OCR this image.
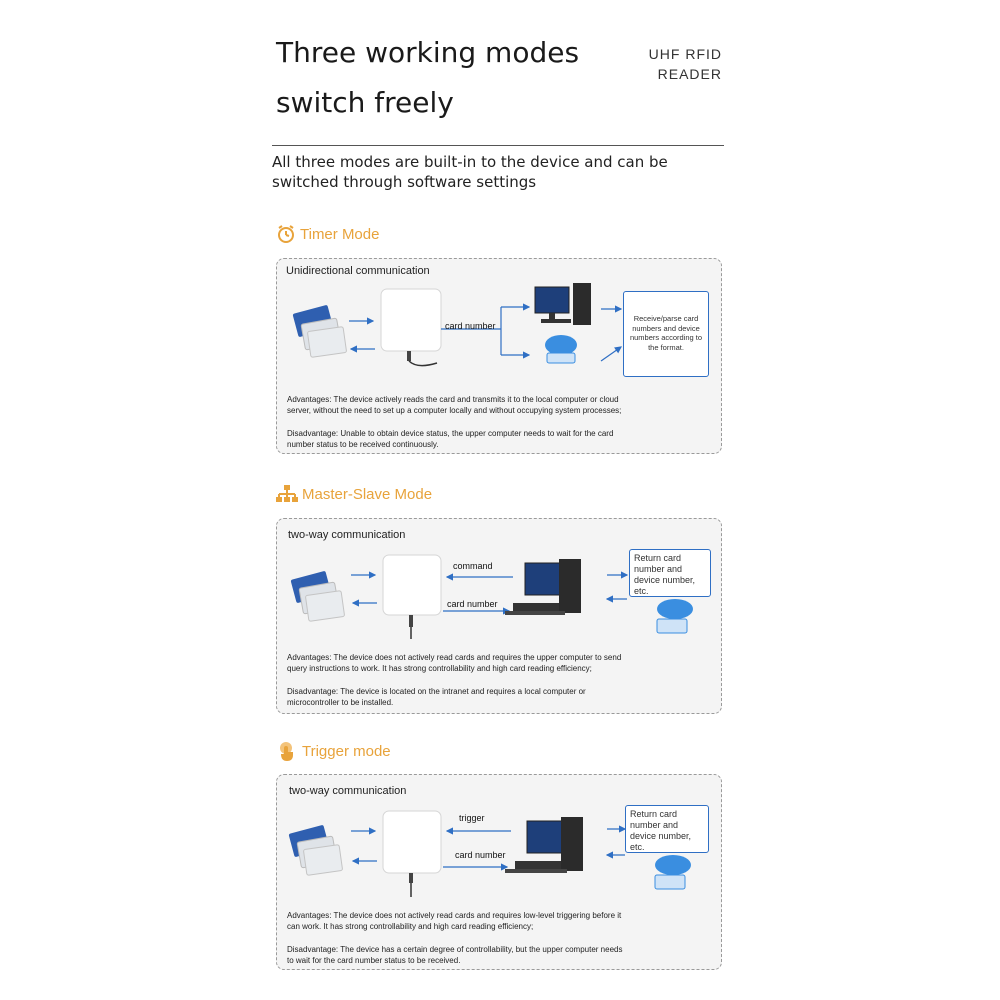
Three working modes
switch freely
UHF RFID
READER
All three modes are built-in to the device and can be
switched through software settings
Timer Mode
Unidirectional communication
card number
Receive/parse card numbers and device numbers according to the format.
Advantages: The device actively reads the card and transmits it to the local computer or cloud
server, without the need to set up a computer locally and without occupying system processes;
Disadvantage: Unable to obtain device status, the upper computer needs to wait for the card
number status to be received continuously.
Master-Slave Mode
two-way communication
command
card number
Return card number and device number, etc.
Advantages: The device does not actively read cards and requires the upper computer to send
query instructions to work. It has strong controllability and high card reading efficiency;
Disadvantage: The device is located on the intranet and requires a local computer or
microcontroller to be installed.
Trigger mode
two-way communication
trigger
card number
Return card number and device number, etc.
Advantages: The device does not actively read cards and requires low-level triggering before it
can work. It has strong controllability and high card reading efficiency;
Disadvantage: The device has a certain degree of controllability, but the upper computer needs
to wait for the card number status to be received.
